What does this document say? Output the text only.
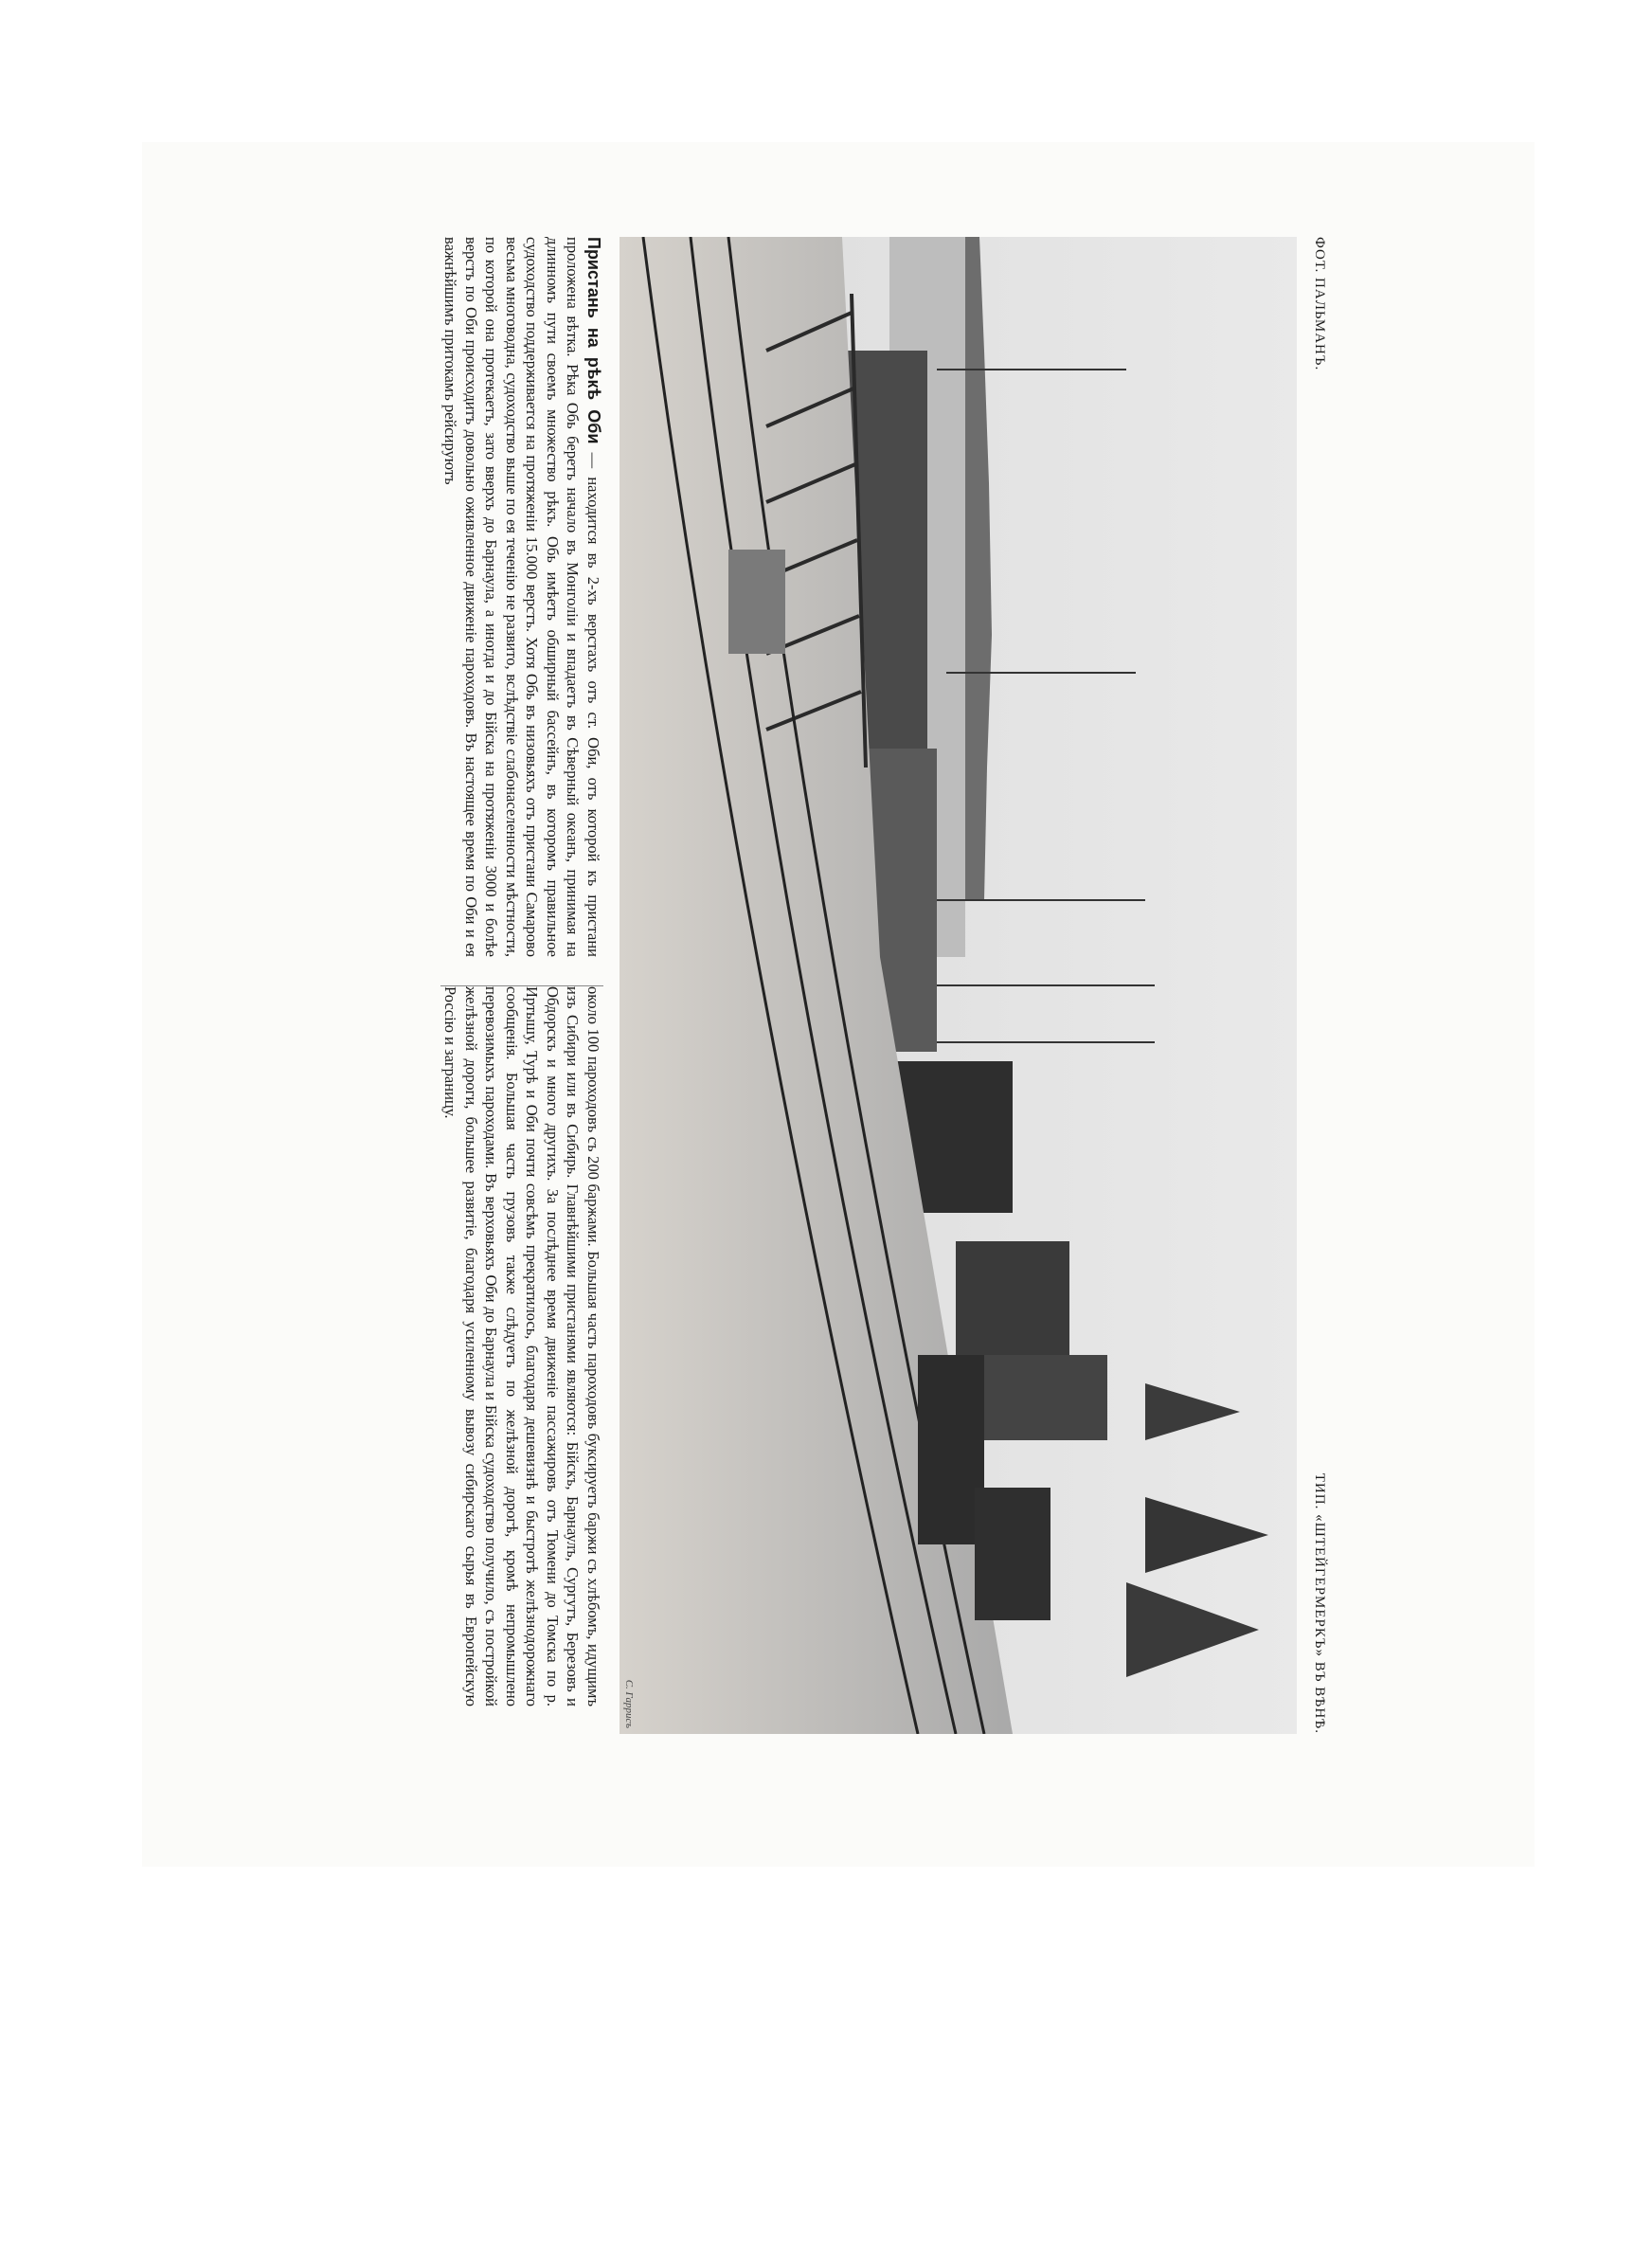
ФОТ. ПАЛЬМАНЪ.
ТИП. «ШТЕЙГЕРМЕРКЪ» ВЪ ВѢНѢ.
С. Гаррисъ

Пристань на рѣкѣ Оби — находится въ 2-хъ верстахъ отъ ст. Оби, отъ которой къ пристани проложена вѣтка. Рѣка Обь беретъ начало въ Монголіи и впадаетъ въ Сѣверный океанъ, принимая на длинномъ пути своемъ множество рѣкъ. Обь имѣетъ обширный бассейнъ, въ которомъ правильное судоходство поддерживается на протяженіи 15.000 верстъ. Хотя Обь въ низовьяхъ отъ пристани Самарово весьма многоводна, судоходство выше по ея теченію не развито, вслѣдствіе слабонаселенности мѣстности, по которой она протекаетъ, зато вверхъ до Барнаула, а иногда и до Бійска на протяженіи 3000 и болѣе верстъ по Оби происходитъ довольно оживленное движеніе пароходовъ. Въ настоящее время по Оби и ея важнѣйшимъ притокамъ рейсируютъ

около 100 пароходовъ съ 200 баржами. Большая часть пароходовъ буксируетъ баржи съ хлѣбомъ, идущимъ изъ Сибири или въ Сибирь. Главнѣйшими пристанями являются: Бійскъ, Барнаулъ, Сургутъ, Березовъ и Обдорскъ и много другихъ. За послѣднее время движеніе пассажировъ отъ Тюмени до Томска по р. Иртышу, Турѣ и Оби почти совсѣмъ прекратилось, благодаря дешевизнѣ и быстротѣ желѣзнодорожнаго сообщенія. Большая часть грузовъ также слѣдуетъ по желѣзной дорогѣ, кромѣ непромышлено перевозимыхъ пароходами. Въ верховьяхъ Оби до Барнаула и Бійска судоходство получило, съ постройкой желѣзной дороги, большее развитіе, благодаря усиленному вывозу сибирскаго сырья въ Европейскую Россію и заграницу.
